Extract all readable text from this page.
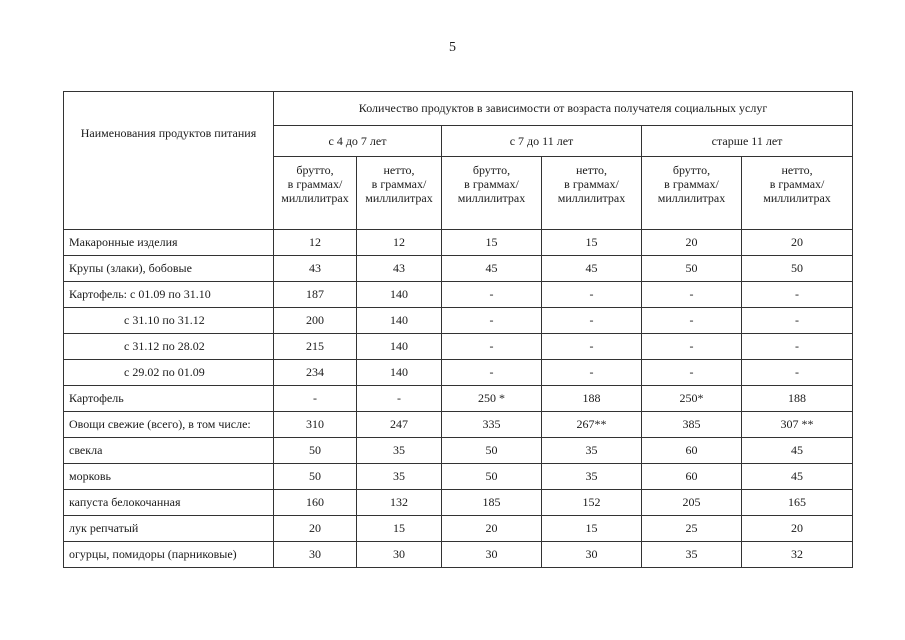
5
Наименования продуктов питания	Количество продуктов в зависимости от возраста получателя социальных услуг					
	с 4 до 7 лет		с 7 до 11 лет		старше 11 лет	
	брутто,
в граммах/
миллилитрах	нетто,
в граммах/
миллилитрах	брутто,
в граммах/
миллилитрах	нетто,
в граммах/
миллилитрах	брутто,
в граммах/
миллилитрах	нетто,
в граммах/
миллилитрах
Макаронные изделия	12	12	15	15	20	20
Крупы (злаки), бобовые	43	43	45	45	50	50
Картофель: с 01.09 по 31.10	187	140	-	-	-	-
с 31.10 по 31.12	200	140	-	-	-	-
с 31.12 по 28.02	215	140	-	-	-	-
с 29.02 по 01.09	234	140	-	-	-	-
Картофель	-	-	250 *	188	250*	188
Овощи свежие (всего), в том числе:	310	247	335	267**	385	307 **
свекла	50	35	50	35	60	45
морковь	50	35	50	35	60	45
капуста белокочанная	160	132	185	152	205	165
лук репчатый	20	15	20	15	25	20
огурцы, помидоры (парниковые)	30	30	30	30	35	32
